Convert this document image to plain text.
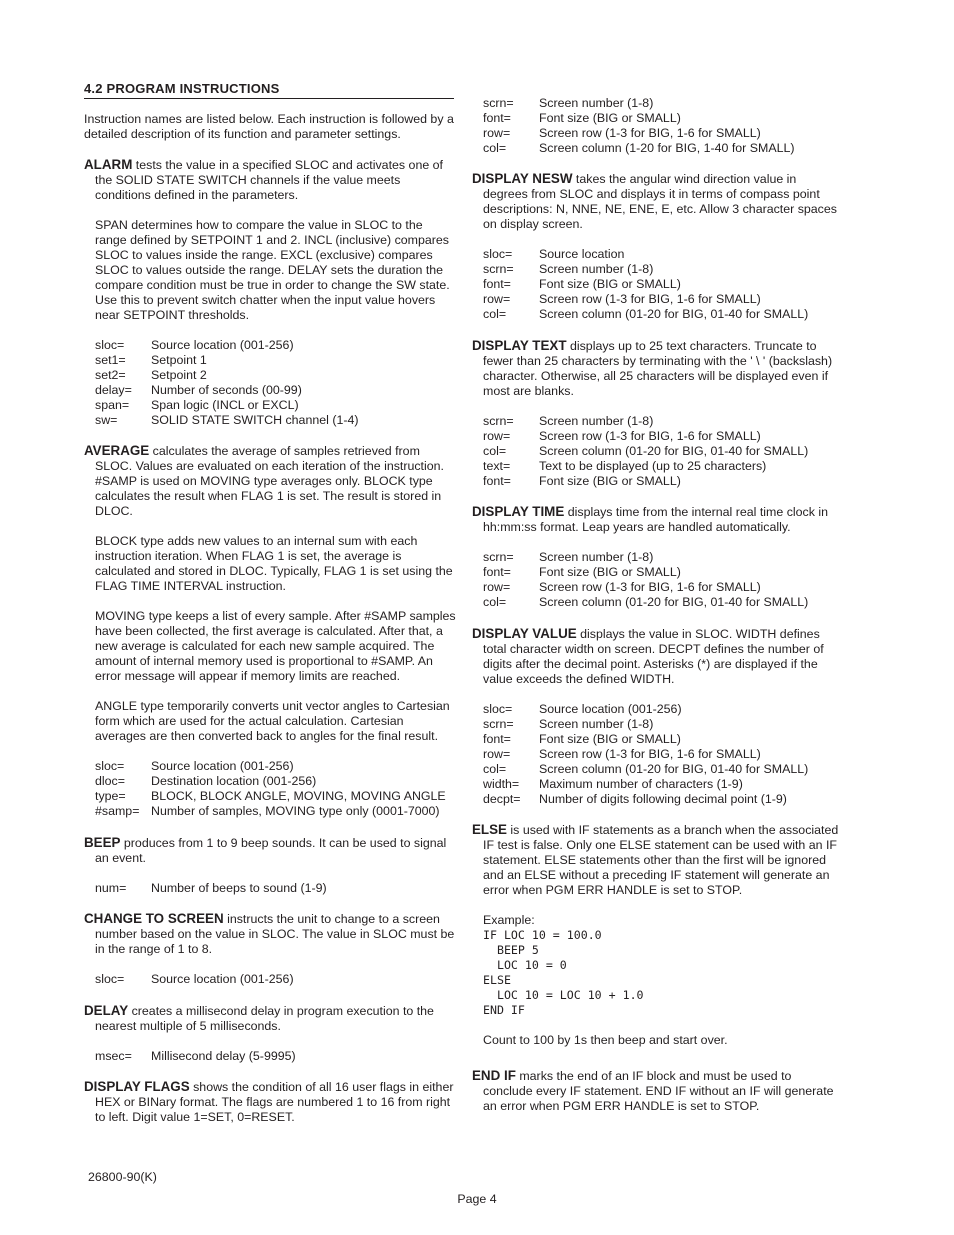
4.2 PROGRAM INSTRUCTIONS

Instruction names are listed below. Each instruction is followed by a detailed description of its function and parameter settings.

ALARM tests the value in a specified SLOC and activates one of the SOLID STATE SWITCH channels if the value meets conditions defined in the parameters.

SPAN determines how to compare the value in SLOC to the range defined by SETPOINT 1 and 2. INCL (inclusive) compares SLOC to values inside the range. EXCL (exclusive) compares SLOC to values outside the range. DELAY sets the duration the compare condition must be true in order to change the SW state. Use this to prevent switch chatter when the input value hovers near SETPOINT thresholds.

sloc=	Source location (001-256)
set1=	Setpoint 1
set2=	Setpoint 2
delay=	Number of seconds (00-99)
span=	Span logic (INCL or EXCL)
sw=	SOLID STATE SWITCH channel (1-4)

AVERAGE calculates the average of samples retrieved from SLOC. Values are evaluated on each iteration of the instruction. #SAMP is used on MOVING type averages only. BLOCK type calculates the result when FLAG 1 is set. The result is stored in DLOC.

BLOCK type adds new values to an internal sum with each instruction iteration. When FLAG 1 is set, the average is calculated and stored in DLOC. Typically, FLAG 1 is set using the FLAG TIME INTERVAL instruction.

MOVING type keeps a list of every sample. After #SAMP samples have been collected, the first average is calculated. After that, a new average is calculated for each new sample acquired. The amount of internal memory used is proportional to #SAMP. An error message will appear if memory limits are reached.

ANGLE type temporarily converts unit vector angles to Cartesian form which are used for the actual calculation. Cartesian averages are then converted back to angles for the final result.

sloc=	Source location (001-256)
dloc=	Destination location (001-256)
type=	BLOCK, BLOCK ANGLE, MOVING, MOVING ANGLE
#samp= Number of samples, MOVING type only (0001-7000)

BEEP produces from 1 to 9 beep sounds. It can be used to signal an event.

num=	Number of beeps to sound (1-9)

CHANGE TO SCREEN instructs the unit to change to a screen number based on the value in SLOC. The value in SLOC must be in the range of 1 to 8.

sloc=	Source location (001-256)

DELAY creates a millisecond delay in program execution to the nearest multiple of 5 milliseconds.

msec=	Millisecond delay (5-9995)

DISPLAY FLAGS shows the condition of all 16 user flags in either HEX or BINary format. The flags are numbered 1 to 16 from right to left. Digit value 1=SET, 0=RESET.

scrn=	Screen number (1-8)
font=	Font size (BIG or SMALL)
row=	Screen row (1-3 for BIG, 1-6 for SMALL)
col=	Screen column (1-20 for BIG, 1-40 for SMALL)

DISPLAY NESW takes the angular wind direction value in degrees from SLOC and displays it in terms of compass point descriptions: N, NNE, NE, ENE, E, etc. Allow 3 character spaces on display screen.

sloc=	Source location
scrn=	Screen number (1-8)
font=	Font size (BIG or SMALL)
row=	Screen row (1-3 for BIG, 1-6 for SMALL)
col=	Screen column (01-20 for BIG, 01-40 for SMALL)

DISPLAY TEXT displays up to 25 text characters. Truncate to fewer than 25 characters by terminating with the ' \ ' (backslash) character. Otherwise, all 25 characters will be displayed even if most are blanks.

scrn=	Screen number (1-8)
row=	Screen row (1-3 for BIG, 1-6 for SMALL)
col=	Screen column (01-20 for BIG, 01-40 for SMALL)
text=	Text to be displayed (up to 25 characters)
font=	Font size (BIG or SMALL)

DISPLAY TIME displays time from the internal real time clock in hh:mm:ss format. Leap years are handled automatically.

scrn=	Screen number (1-8)
font=	Font size (BIG or SMALL)
row=	Screen row (1-3 for BIG, 1-6 for SMALL)
col=	Screen column (01-20 for BIG, 01-40 for SMALL)

DISPLAY VALUE displays the value in SLOC. WIDTH defines total character width on screen. DECPT defines the number of digits after the decimal point. Asterisks (*) are displayed if the value exceeds the defined WIDTH.

sloc=	Source location (001-256)
scrn=	Screen number (1-8)
font=	Font size (BIG or SMALL)
row=	Screen row (1-3 for BIG, 1-6 for SMALL)
col=	Screen column (01-20 for BIG, 01-40 for SMALL)
width=	Maximum number of characters (1-9)
decpt=	Number of digits following decimal point (1-9)

ELSE is used with IF statements as a branch when the associated IF test is false. Only one ELSE statement can be used with an IF statement. ELSE statements other than the first will be ignored and an ELSE without a preceding IF statement will generate an error when PGM ERR HANDLE is set to STOP.

Example:

IF LOC 10 = 100.0

BEEP 5

LOC 10 = 0

ELSE

LOC 10 = LOC 10 + 1.0

END IF

Count to 100 by 1s then beep and start over.

END IF marks the end of an IF block and must be used to conclude every IF statement. END IF without an IF will generate an error when PGM ERR HANDLE is set to STOP.

26800-90(K)
Page 4
